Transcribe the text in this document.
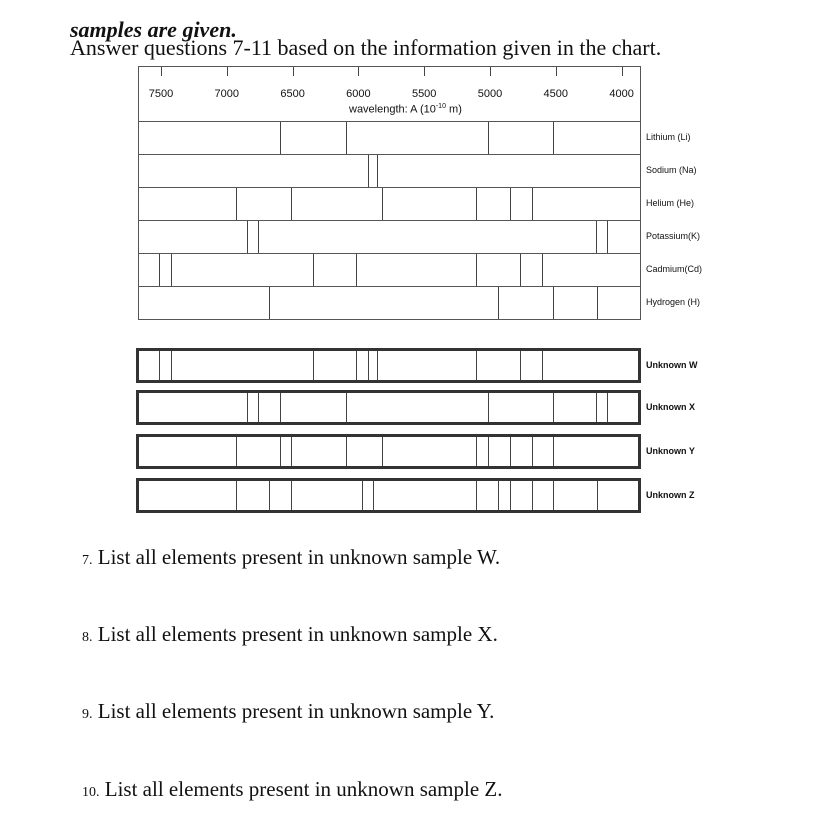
samples are given.
Answer questions 7-11 based on the information given in the chart.
wavelength: A ($10^{-10}$ m)
7500	7000	6500	6000	5500	5000	4500	4000
Lithium (Li)
Sodium (Na)
Helium (He)
Potassium(K)
Cadmium(Cd)
Hydrogen (H)
Unknown W
Unknown X
Unknown Y
Unknown Z
7. List all elements present in unknown sample W.
8. List all elements present in unknown sample X.
9. List all elements present in unknown sample Y.
10. List all elements present in unknown sample Z.
